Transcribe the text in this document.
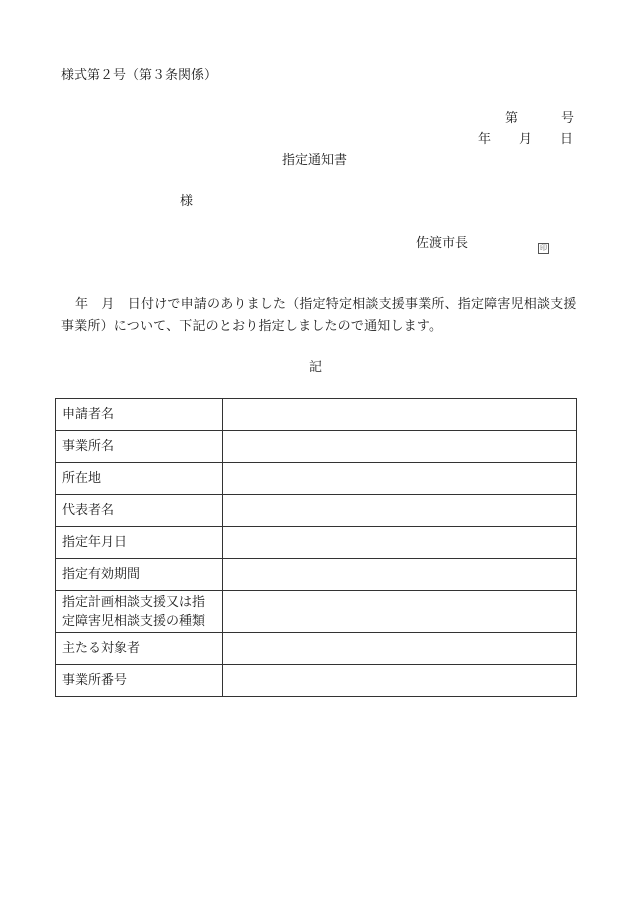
様式第２号（第３条関係）
第	号
年 月 日
指定通知書
様
佐渡市長	印
年　月　日付けで申請のありました（指定特定相談支援事業所、指定障害児相談支援事業所）について、下記のとおり指定しましたので通知します。
記
申請者名	
事業所名	
所在地	
代表者名	
指定年月日	
指定有効期間	
指定計画相談支援又は指定障害児相談支援の種類	
主たる対象者	
事業所番号	
